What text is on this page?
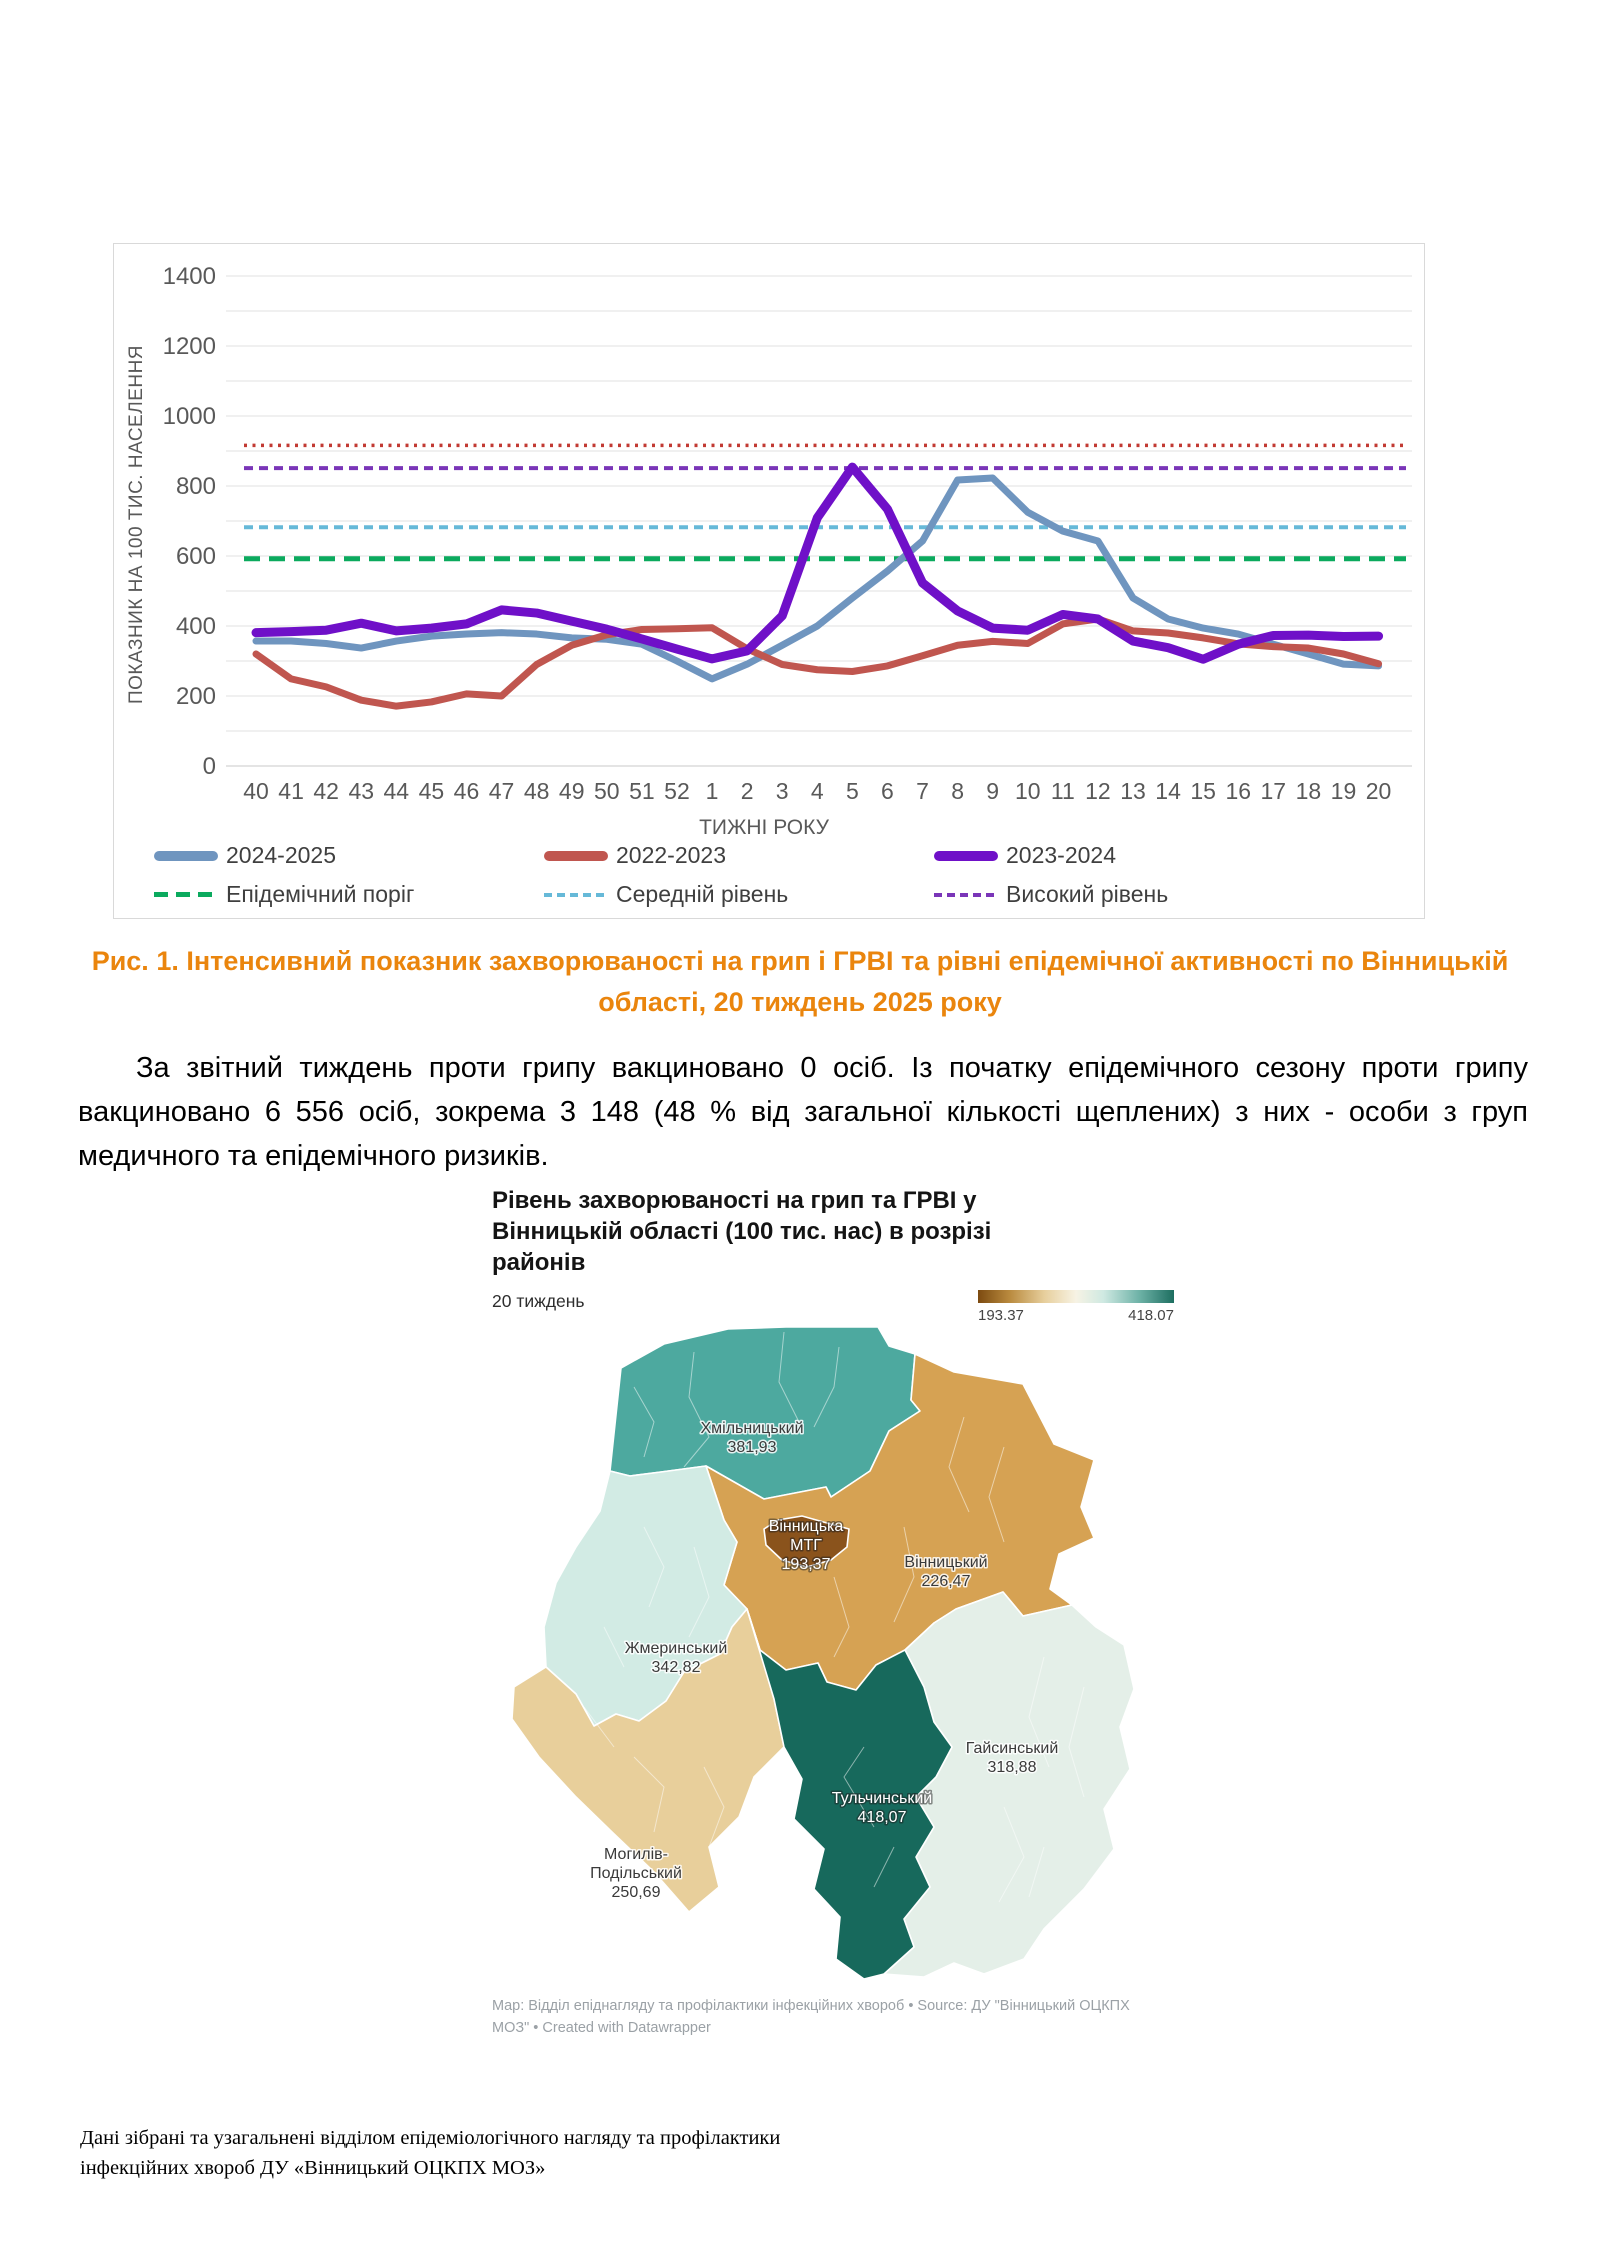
ПОКАЗНИК НА 100 ТИС. НАСЕЛЕННЯ
0
200
400
600
800
1000
1200
1400
40 41 42 43 44 45 46 47 48 49 50 51 52 1 2 3 4 5 6 7 8 9 10 11 12 13 14 15 16 17 18 19 20
ТИЖНІ РОКУ
2024-2025	2022-2023	2023-2024
Епідемічний поріг	Середній рівень	Високий рівень
Рис. 1. Інтенсивний показник захворюваності на грип і ГРВІ та рівні епідемічної активності по Вінницькій області, 20 тиждень 2025 року
За звітний тиждень проти грипу вакциновано 0 осіб. Із початку епідемічного сезону проти грипу вакциновано 6 556 осіб, зокрема 3 148 (48 % від загальної кількості щеплених) з них - особи з груп медичного та епідемічного ризиків.
Рівень захворюваності на грип та ГРВІ у Вінницькій області (100 тис. нас) в розрізі районів
20 тиждень
193.37	418.07
Хмільницький
381,93
Вінницький
226,47
Жмеринський
342,82
Могилів-
Подільський
250,69
Гайсинський
318,88
Тульчинський
418,07
Вінницька
МТГ
193,37
Map: Відділ епіднагляду та профілактики інфекційних хвороб • Source: ДУ "Вінницький ОЦКПХ МОЗ" • Created with Datawrapper
Дані зібрані та узагальнені відділом епідеміологічного нагляду та профілактики інфекційних хвороб ДУ «Вінницький ОЦКПХ МОЗ»
